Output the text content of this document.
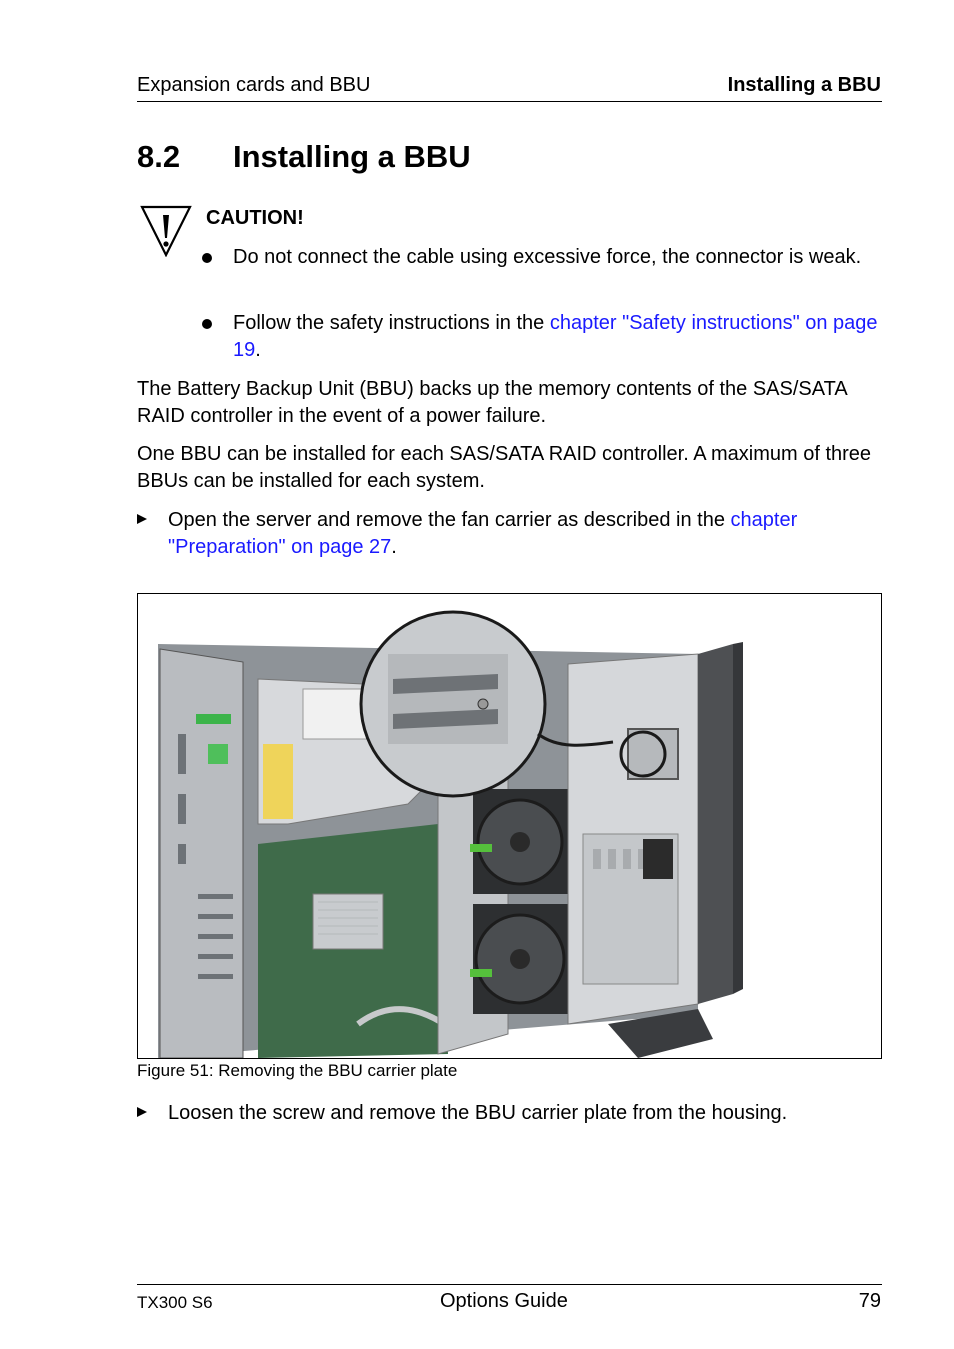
Expansion cards and BBU	Installing a BBU
8.2 Installing a BBU
CAUTION!
Do not connect the cable using excessive force, the connector is weak.
Follow the safety instructions in the chapter "Safety instructions" on page 19.
The Battery Backup Unit (BBU) backs up the memory contents of the SAS/SATA RAID controller in the event of a power failure.
One BBU can be installed for each SAS/SATA RAID controller. A maximum of three BBUs can be installed for each system.
Open the server and remove the fan carrier as described in the chapter "Preparation" on page 27.
Figure 51: Removing the BBU carrier plate
Loosen the screw and remove the BBU carrier plate from the housing.
TX300 S6	Options Guide	79
